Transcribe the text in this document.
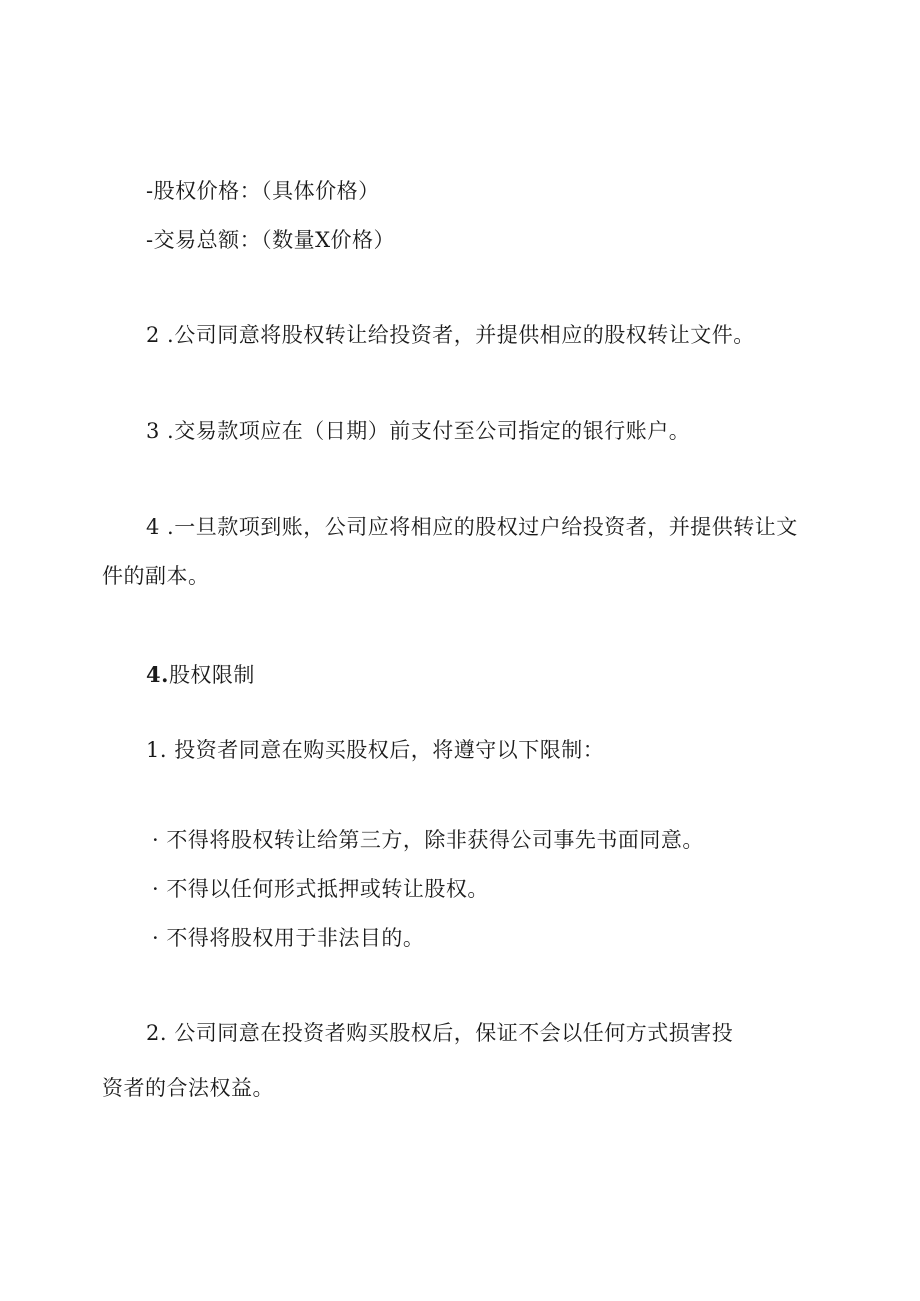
-股权价格：（具体价格）
-交易总额：（数量X价格）
2 .公司同意将股权转让给投资者，并提供相应的股权转让文件。
3 .交易款项应在（日期）前支付至公司指定的银行账户。
4 .一旦款项到账，公司应将相应的股权过户给投资者，并提供转让文
件的副本。
4.股权限制
1. 投资者同意在购买股权后，将遵守以下限制：
· 不得将股权转让给第三方，除非获得公司事先书面同意。
· 不得以任何形式抵押或转让股权。
· 不得将股权用于非法目的。
2. 公司同意在投资者购买股权后，保证不会以任何方式损害投
资者的合法权益。
